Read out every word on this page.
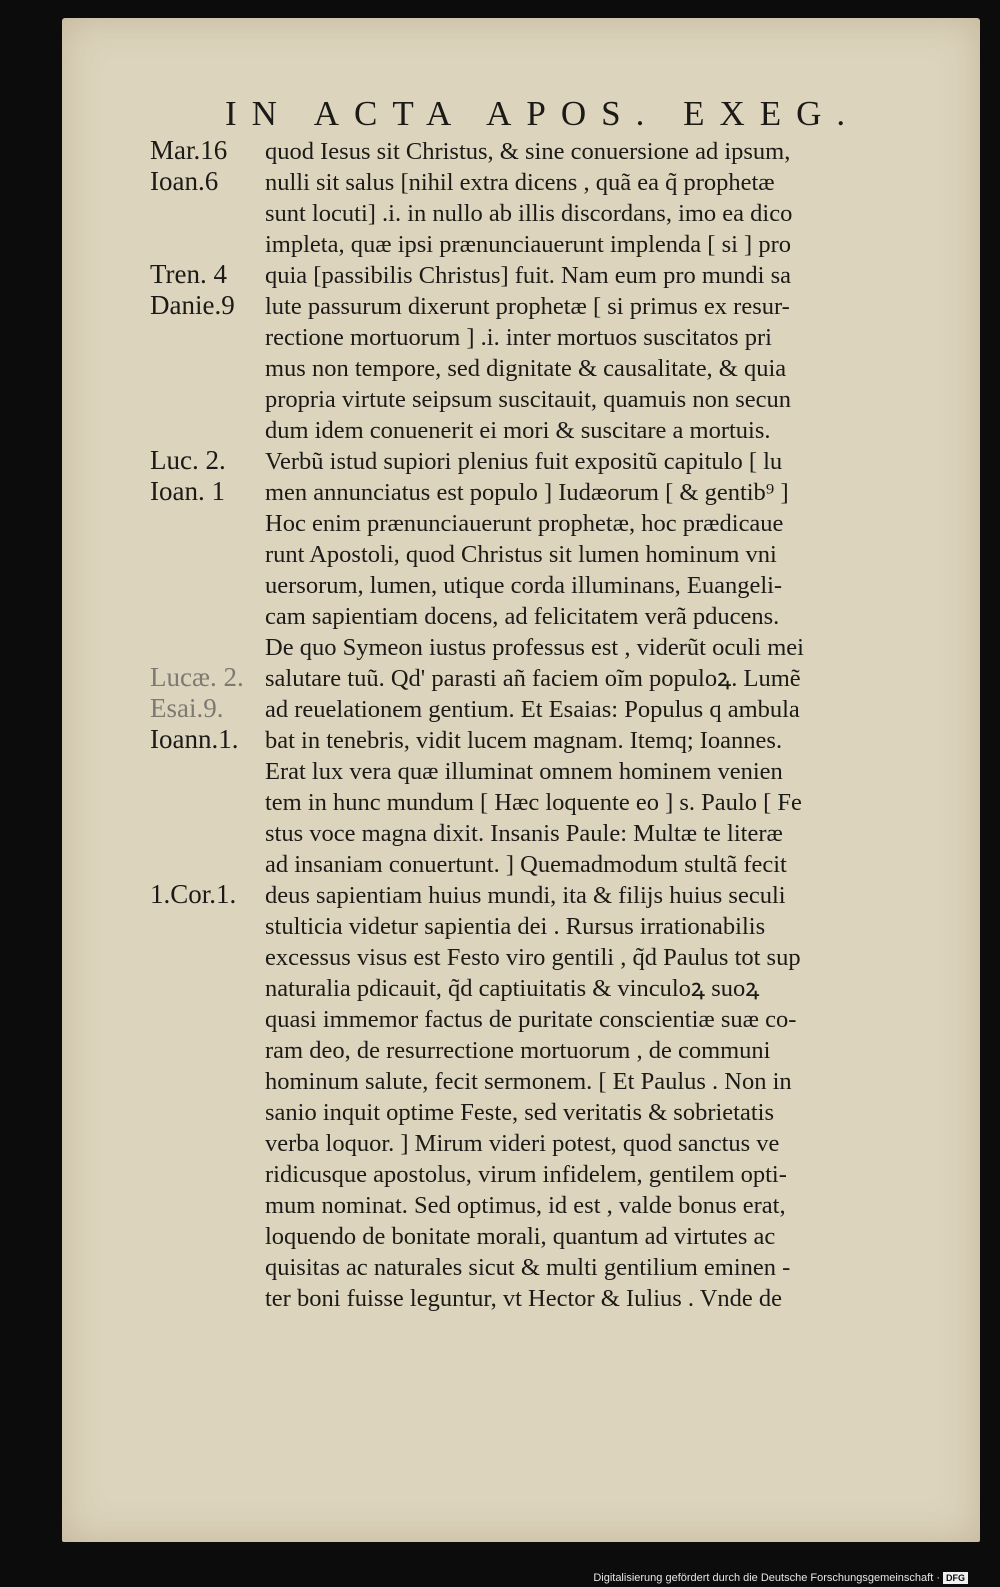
IN ACTA APOS. EXEG.
Mar.16
Ioan.6
Tren. 4
Danie.9
Luc. 2.
Ioan. 1
Lucæ. 2.
Esai.9.
Ioann.1.
1.Cor.1.
quod Iesus sit Christus, & sine conuersione ad ipsum,
nulli sit salus [nihil extra dicens , quã ea q̃ prophetæ
sunt locuti] .i. in nullo ab illis discordans, imo ea dico
impleta, quæ ipsi prænunciauerunt implenda [ si ] pro
quia [passibilis Christus] fuit. Nam eum pro mundi sa
lute passurum dixerunt prophetæ [ si primus ex resur-
rectione mortuorum ] .i. inter mortuos suscitatos pri
mus non tempore, sed dignitate & causalitate, & quia
propria virtute seipsum suscitauit, quamuis non secun
dum idem conuenerit ei mori & suscitare a mortuis.
Verbũ istud supiori plenius fuit expositũ capitulo [ lu
men annunciatus est populo ] Iudæorum [ & gentib⁹ ]
Hoc enim prænunciauerunt prophetæ, hoc prædicaue
runt Apostoli, quod Christus sit lumen hominum vni
uersorum, lumen, utique corda illuminans, Euangeli-
cam sapientiam docens, ad felicitatem verã pducens.
De quo Symeon iustus professus est , viderũt oculi mei
salutare tuũ. Qd' parasti añ faciem oĩm populoꝝ. Lumẽ
ad reuelationem gentium. Et Esaias: Populus q ambula
bat in tenebris, vidit lucem magnam. Itemq; Ioannes.
Erat lux vera quæ illuminat omnem hominem venien
tem in hunc mundum [ Hæc loquente eo ] s. Paulo [ Fe
stus voce magna dixit. Insanis Paule: Multæ te literæ
ad insaniam conuertunt. ] Quemadmodum stultã fecit
deus sapientiam huius mundi, ita & filijs huius seculi
stulticia videtur sapientia dei . Rursus irrationabilis
excessus visus est Festo viro gentili , q̃d Paulus tot sup
naturalia pdicauit, q̃d captiuitatis & vinculoꝝ suoꝝ
quasi immemor factus de puritate conscientiæ suæ co-
ram deo, de resurrectione mortuorum , de communi
hominum salute, fecit sermonem. [ Et Paulus . Non in
sanio inquit optime Feste, sed veritatis & sobrietatis
verba loquor. ] Mirum videri potest, quod sanctus ve
ridicusque apostolus, virum infidelem, gentilem opti-
mum nominat. Sed optimus, id est , valde bonus erat,
loquendo de bonitate morali, quantum ad virtutes ac
quisitas ac naturales sicut & multi gentilium eminen -
ter boni fuisse leguntur, vt Hector & Iulius . Vnde de
Digitalisierung gefördert durch die Deutsche Forschungsgemeinschaft · DFG
